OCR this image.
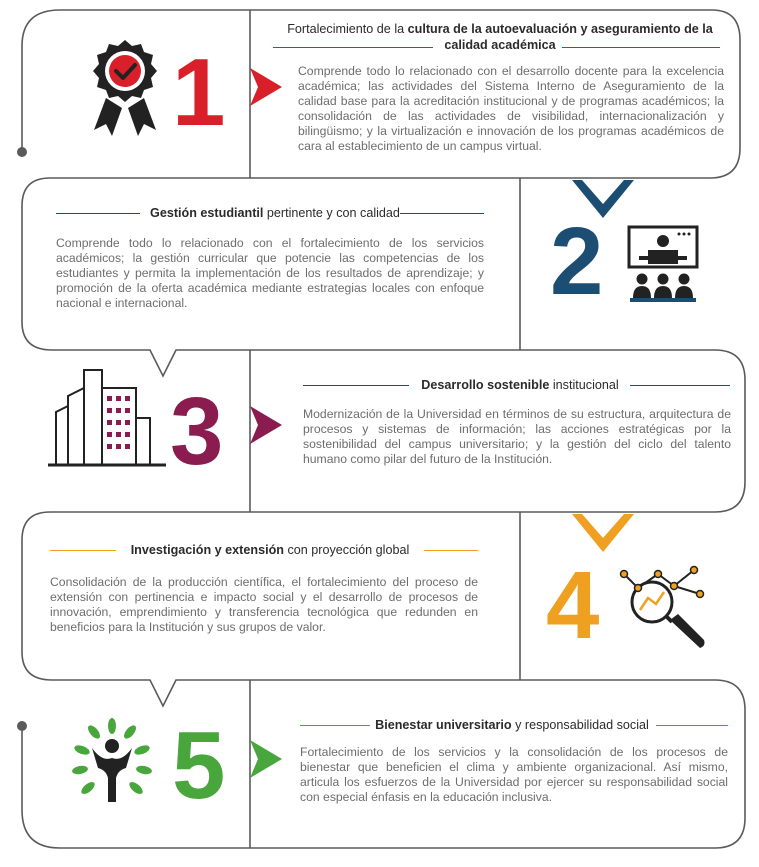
Fortalecimiento de la cultura de la autoevaluación y aseguramiento de la calidad académica
Comprende todo lo relacionado con el desarrollo docente para la excelencia académica; las actividades del Sistema Interno de Aseguramiento de la calidad base para la acreditación institucional y de programas académicos; la consolidación de las actividades de visibilidad, internacionalización y bilingüismo; y la virtualización e innovación de los programas académicos de cara al establecimiento de un campus virtual.
1
Gestión estudiantil pertinente y con calidad
Comprende todo lo relacionado con el fortalecimiento de los servicios académicos; la gestión curricular que potencie las competencias de los estudiantes y permita la implementación de los resultados de aprendizaje; y promoción de la oferta académica mediante estrategias locales con enfoque nacional e internacional.	2
Desarrollo sostenible institucional
Modernización de la Universidad en términos de su estructura, arquitectura de procesos y sistemas de información; las acciones estratégicas por la sostenibilidad del campus universitario; y la gestión del ciclo del talento humano como pilar del futuro de la Institución.
3
Investigación y extensión con proyección global
Consolidación de la producción científica, el fortalecimiento del proceso de extensión con pertinencia e impacto social y el desarrollo de procesos de innovación, emprendimiento y transferencia tecnológica que redunden en beneficios para la Institución y sus grupos de valor.	4
Bienestar universitario y responsabilidad social
Fortalecimiento de los servicios y la consolidación de los procesos de bienestar que beneficien el clima y ambiente organizacional. Así mismo, articula los esfuerzos de la Universidad por ejercer su responsabilidad social con especial énfasis en la educación inclusiva.
5
